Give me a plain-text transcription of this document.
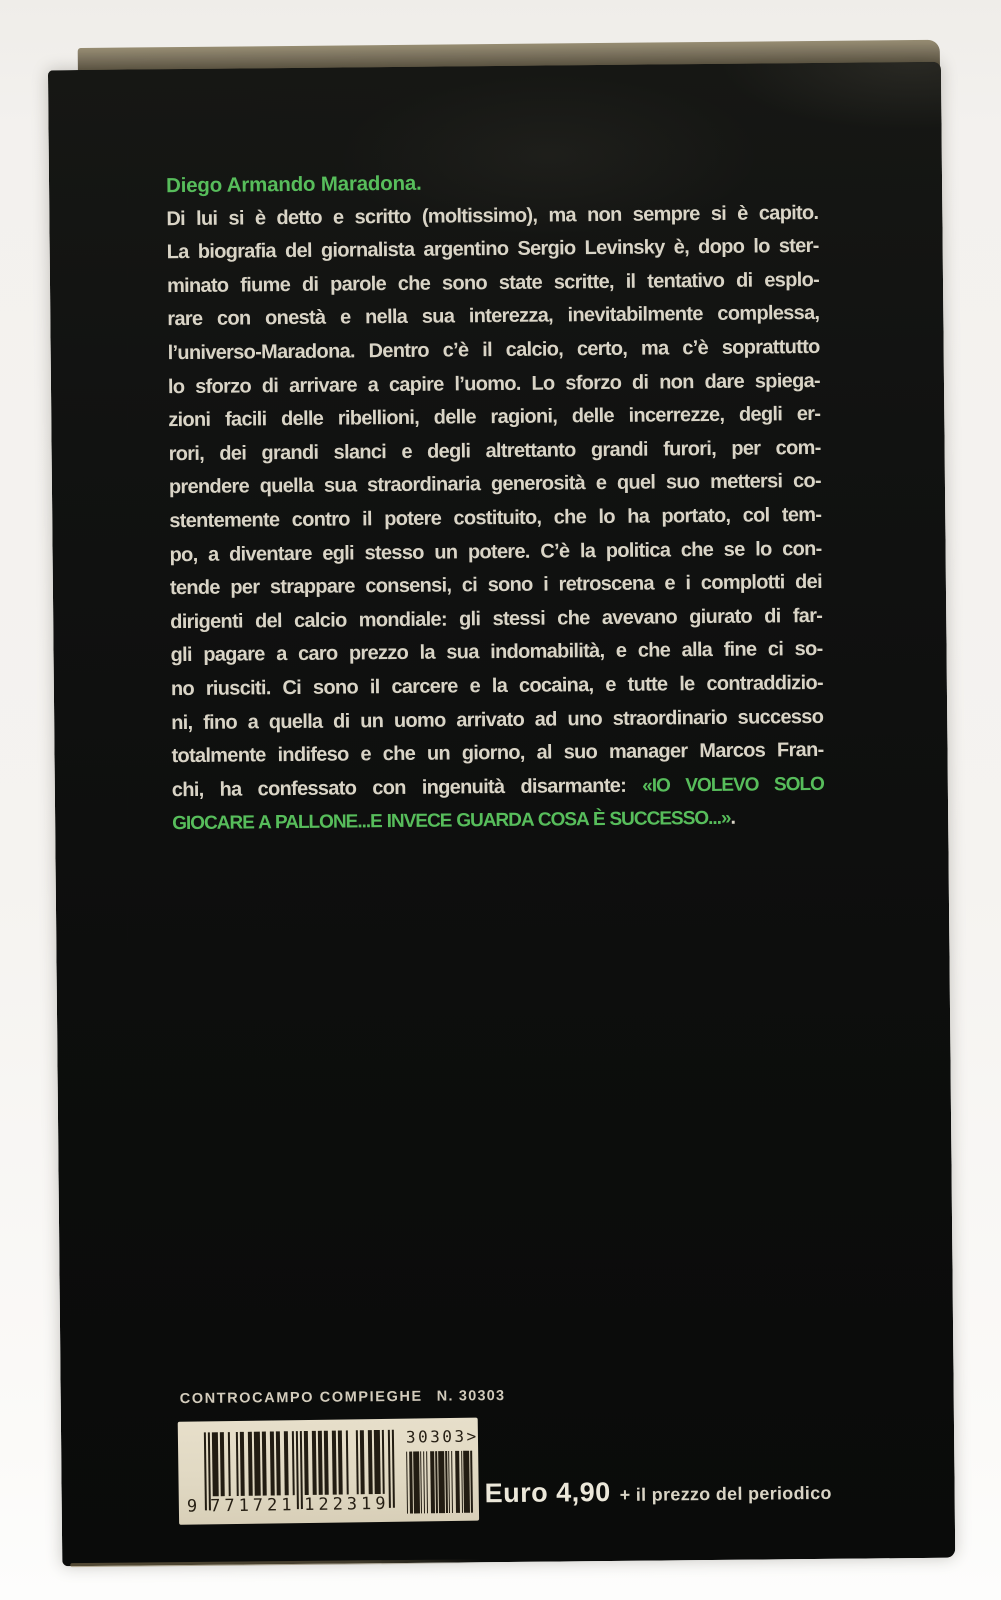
Diego Armando Maradona.
Di lui si è detto e scritto (moltissimo), ma non sempre si è capito.
La biografia del giornalista argentino Sergio Levinsky è, dopo lo ster-
minato fiume di parole che sono state scritte, il tentativo di esplo-
rare con onestà e nella sua interezza, inevitabilmente complessa,
l’universo-Maradona. Dentro c’è il calcio, certo, ma c’è soprattutto
lo sforzo di arrivare a capire l’uomo. Lo sforzo di non dare spiega-
zioni facili delle ribellioni, delle ragioni, delle incerrezze, degli er-
rori, dei grandi slanci e degli altrettanto grandi furori, per com-
prendere quella sua straordinaria generosità e quel suo mettersi co-
stentemente contro il potere costituito, che lo ha portato, col tem-
po, a diventare egli stesso un potere. C’è la politica che se lo con-
tende per strappare consensi, ci sono i retroscena e i complotti dei
dirigenti del calcio mondiale: gli stessi che avevano giurato di far-
gli pagare a caro prezzo la sua indomabilità, e che alla fine ci so-
no riusciti. Ci sono il carcere e la cocaina, e tutte le contraddizio-
ni, fino a quella di un uomo arrivato ad uno straordinario successo
totalmente indifeso e che un giorno, al suo manager Marcos Fran-
chi, ha confessato con ingenuità disarmante: «IO VOLEVO SOLO
GIOCARE A PALLONE...E INVECE GUARDA COSA È SUCCESSO...».
CONTROCAMPO COMPIEGHE N. 30303
9 771721 122319
30303>
Euro 4,90 + il prezzo del periodico
